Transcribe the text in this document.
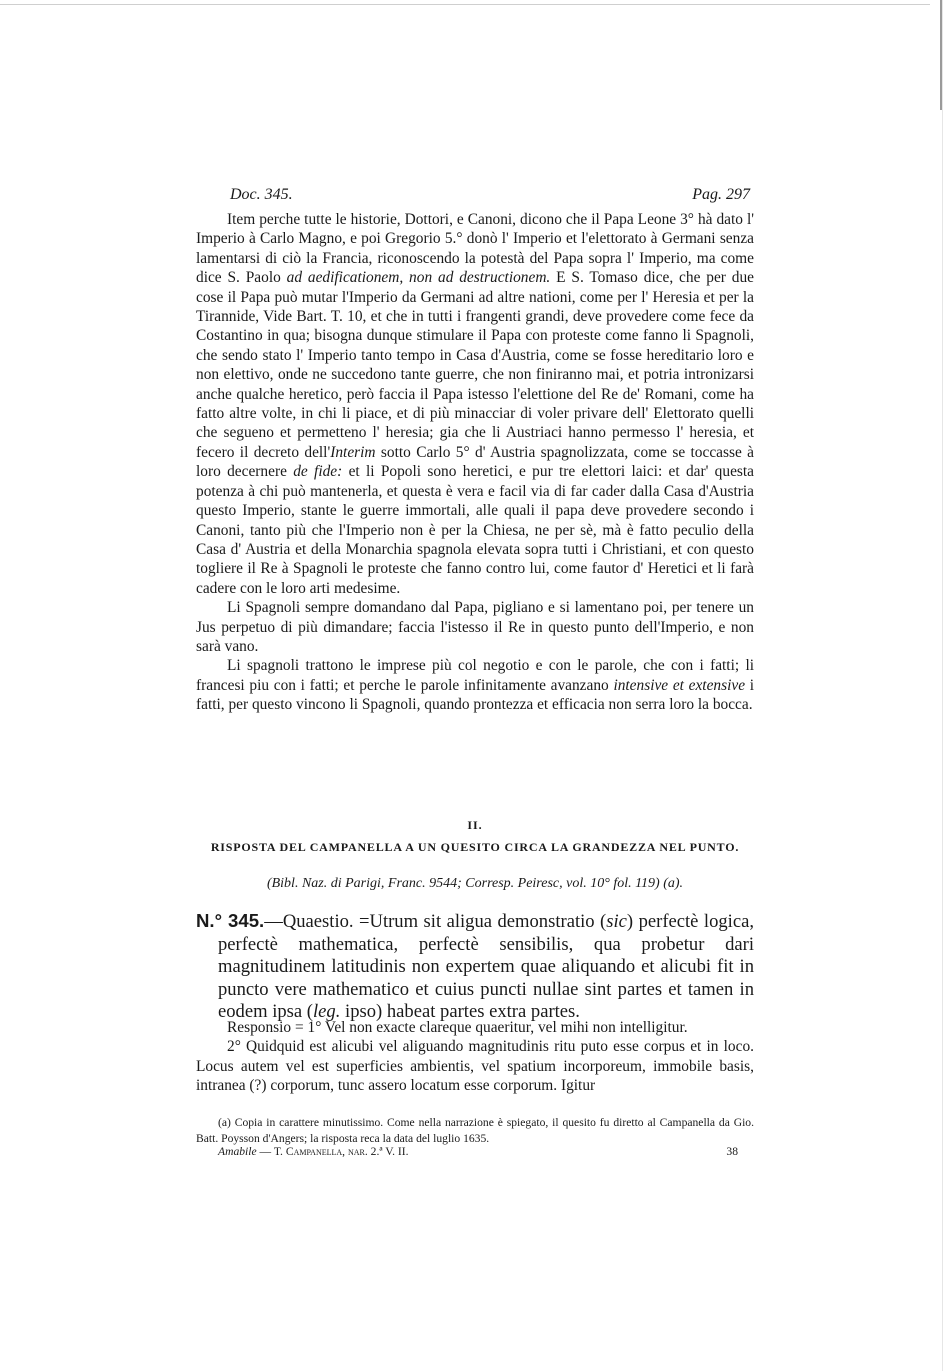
Doc. 345.	Pag. 297

Item perche tutte le historie, Dottori, e Canoni, dicono che il Papa Leone 3° hà dato l' Imperio à Carlo Magno, e poi Gregorio 5.° donò l' Imperio et l'elettorato à Germani senza lamentarsi di ciò la Francia, riconoscendo la potestà del Papa sopra l' Imperio, ma come dice S. Paolo ad aedificationem, non ad destructionem. E S. Tomaso dice, che per due cose il Papa può mutar l'Imperio da Germani ad altre nationi, come per l' Heresia et per la Tirannide, Vide Bart. T. 10, et che in tutti i frangenti grandi, deve provedere come fece da Costantino in qua; bisogna dunque stimulare il Papa con proteste come fanno li Spagnoli, che sendo stato l' Imperio tanto tempo in Casa d'Austria, come se fosse hereditario loro e non elettivo, onde ne succedono tante guerre, che non finiranno mai, et potria intronizarsi anche qualche heretico, però faccia il Papa istesso l'elettione del Re de' Romani, come ha fatto altre volte, in chi li piace, et di più minacciar di voler privare dell' Elettorato quelli che segueno et permetteno l' heresia; gia che li Austriaci hanno permesso l' heresia, et fecero il decreto dell'Interim sotto Carlo 5° d' Austria spagnolizzata, come se toccasse à loro decernere de fide: et li Popoli sono heretici, e pur tre elettori laici: et dar' questa potenza à chi può mantenerla, et questa è vera e facil via di far cader dalla Casa d'Austria questo Imperio, stante le guerre immortali, alle quali il papa deve provedere secondo i Canoni, tanto più che l'Imperio non è per la Chiesa, ne per sè, mà è fatto peculio della Casa d' Austria et della Monarchia spagnola elevata sopra tutti i Christiani, et con questo togliere il Re à Spagnoli le proteste che fanno contro lui, come fautor d' Heretici et li farà cadere con le loro arti medesime.

Li Spagnoli sempre domandano dal Papa, pigliano e si lamentano poi, per tenere un Jus perpetuo di più dimandare; faccia l'istesso il Re in questo punto dell'Imperio, e non sarà vano.

Li spagnoli trattono le imprese più col negotio e con le parole, che con i fatti; li francesi piu con i fatti; et perche le parole infinitamente avanzano intensive et extensive i fatti, per questo vincono li Spagnoli, quando prontezza et efficacia non serra loro la bocca.

II.
RISPOSTA DEL CAMPANELLA A UN QUESITO CIRCA LA GRANDEZZA NEL PUNTO.
(Bibl. Naz. di Parigi, Franc. 9544; Corresp. Peiresc, vol. 10° fol. 119) (a).

N.° 345.—Quaestio. =Utrum sit aligua demonstratio (sic) perfectè logica, perfectè mathematica, perfectè sensibilis, qua probetur dari magnitudinem latitudinis non expertem quae aliquando et alicubi fit in puncto vere mathematico et cuius puncti nullae sint partes et tamen in eodem ipsa (leg. ipso) habeat partes extra partes.

Responsio = 1° Vel non exacte clareque quaeritur, vel mihi non intelligitur.

2° Quidquid est alicubi vel aliguando magnitudinis ritu puto esse corpus et in loco. Locus autem vel est superficies ambientis, vel spatium incorporeum, immobile basis, intranea (?) corporum, tunc assero locatum esse corporum. Igitur

(a) Copia in carattere minutissimo. Come nella narrazione è spiegato, il quesito fu diretto al Campanella da Gio. Batt. Poysson d'Angers; la risposta reca la data del luglio 1635.

Amabile — T. Campanella, nar. 2.ª V. II.	38
